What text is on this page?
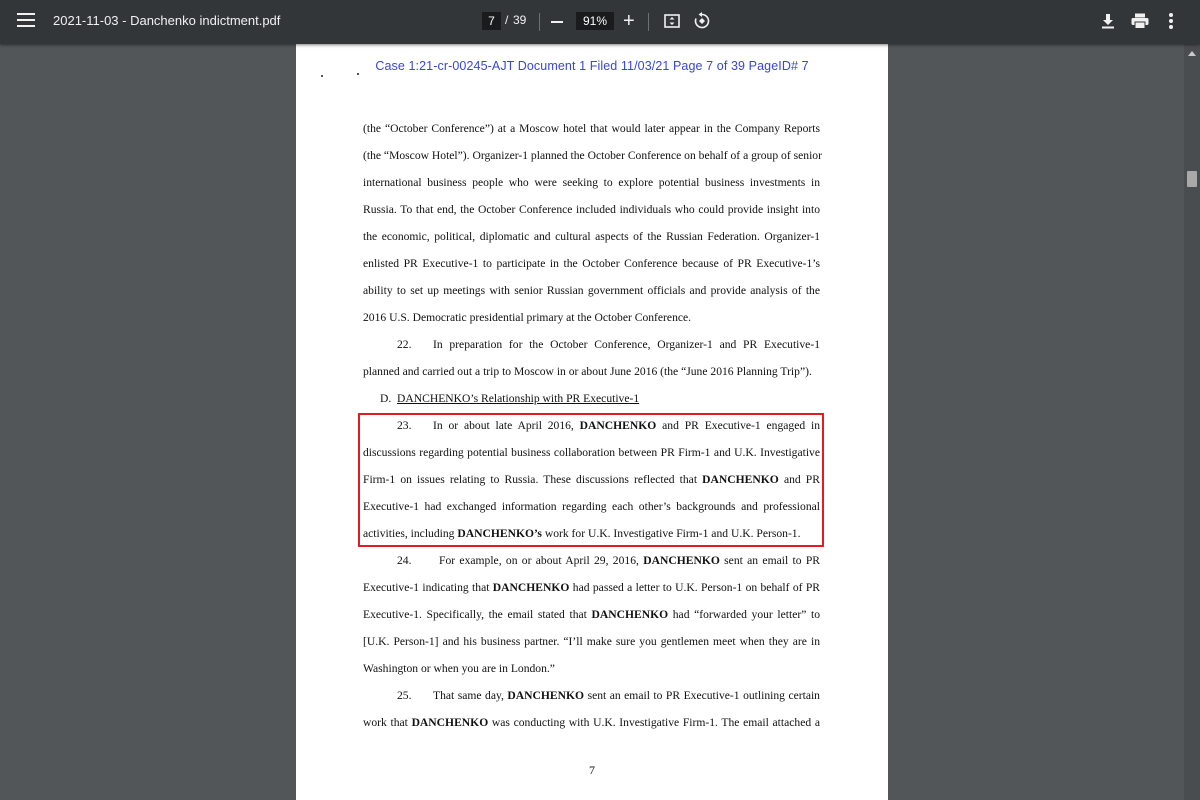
2021-11-03 - Danchenko indictment.pdf	7 / 39	91% +
Case 1:21-cr-00245-AJT Document 1 Filed 11/03/21 Page 7 of 39 PageID# 7
(the “October Conference”) at a Moscow hotel that would later appear in the Company Reports
(the “Moscow Hotel”). Organizer-1 planned the October Conference on behalf of a group of senior
international business people who were seeking to explore potential business investments in
Russia. To that end, the October Conference included individuals who could provide insight into
the economic, political, diplomatic and cultural aspects of the Russian Federation. Organizer-1
enlisted PR Executive-1 to participate in the October Conference because of PR Executive-1’s
ability to set up meetings with senior Russian government officials and provide analysis of the
2016 U.S. Democratic presidential primary at the October Conference.
22.	In preparation for the October Conference, Organizer-1 and PR Executive-1
planned and carried out a trip to Moscow in or about June 2016 (the “June 2016 Planning Trip”).
D. DANCHENKO’s Relationship with PR Executive-1
23.	In or about late April 2016, DANCHENKO and PR Executive-1 engaged in
discussions regarding potential business collaboration between PR Firm-1 and U.K. Investigative
Firm-1 on issues relating to Russia. These discussions reflected that DANCHENKO and PR
Executive-1 had exchanged information regarding each other’s backgrounds and professional
activities, including DANCHENKO’s work for U.K. Investigative Firm-1 and U.K. Person-1.
24.	For example, on or about April 29, 2016, DANCHENKO sent an email to PR
Executive-1 indicating that DANCHENKO had passed a letter to U.K. Person-1 on behalf of PR
Executive-1. Specifically, the email stated that DANCHENKO had “forwarded your letter” to
[U.K. Person-1] and his business partner. “I’ll make sure you gentlemen meet when they are in
Washington or when you are in London.”
25.	That same day, DANCHENKO sent an email to PR Executive-1 outlining certain
work that DANCHENKO was conducting with U.K. Investigative Firm-1. The email attached a
7
